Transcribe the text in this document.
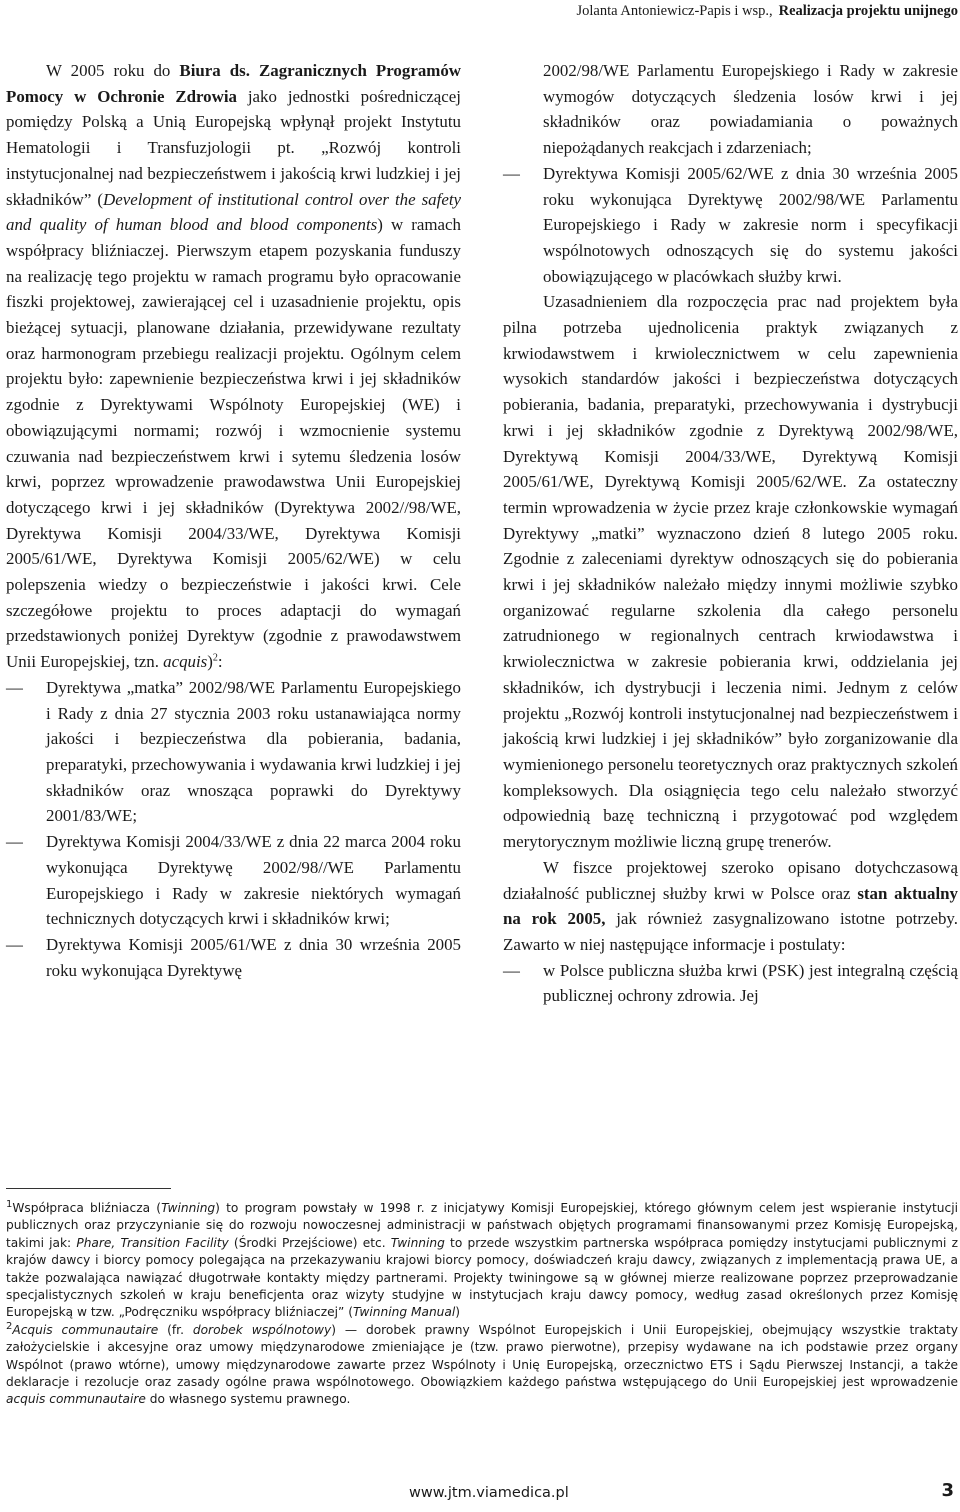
Jolanta Antoniewicz-Papis i wsp., Realizacja projektu unijnego

W 2005 roku do Biura ds. Zagranicznych Programów Pomocy w Ochronie Zdrowia jako jednostki pośredniczącej pomiędzy Polską a Unią Europejską wpłynął projekt Instytutu Hematologii i Transfuzjologii pt. „Rozwój kontroli instytucjonalnej nad bezpieczeństwem i jakością krwi ludzkiej i jej składników” (Development of institutional control over the safety and quality of human blood and blood components) w ramach współpracy bliźniaczej. Pierwszym etapem pozyskania funduszy na realizację tego projektu w ramach programu było opracowanie fiszki projektowej, zawierającej cel i uzasadnienie projektu, opis bieżącej sytuacji, planowane działania, przewidywane rezultaty oraz harmonogram przebiegu realizacji projektu. Ogólnym celem projektu było: zapewnienie bezpieczeństwa krwi i jej składników zgodnie z Dyrektywami Wspólnoty Europejskiej (WE) i obowiązującymi normami; rozwój i wzmocnienie systemu czuwania nad bezpieczeństwem krwi i sytemu śledzenia losów krwi, poprzez wprowadzenie prawodawstwa Unii Europejskiej dotyczącego krwi i jej składników (Dyrektywa 2002//98/WE, Dyrektywa Komisji 2004/33/WE, Dyrektywa Komisji 2005/61/WE, Dyrektywa Komisji 2005/62/WE) w celu polepszenia wiedzy o bezpieczeństwie i jakości krwi. Cele szczegółowe projektu to proces adaptacji do wymagań przedstawionych poniżej Dyrektyw (zgodnie z prawodawstwem Unii Europejskiej, tzn. acquis)$^2$:

— Dyrektywa „matka” 2002/98/WE Parlamentu Europejskiego i Rady z dnia 27 stycznia 2003 roku ustanawiająca normy jakości i bezpieczeństwa dla pobierania, badania, preparatyki, przechowywania i wydawania krwi ludzkiej i jej składników oraz wnosząca poprawki do Dyrektywy 2001/83/WE;
— Dyrektywa Komisji 2004/33/WE z dnia 22 marca 2004 roku wykonująca Dyrektywę 2002/98//WE Parlamentu Europejskiego i Rady w zakresie niektórych wymagań technicznych dotyczących krwi i składników krwi;
— Dyrektywa Komisji 2005/61/WE z dnia 30 września 2005 roku wykonująca Dyrektywę

2002/98/WE Parlamentu Europejskiego i Rady w zakresie wymogów dotyczących śledzenia losów krwi i jej składników oraz powiadamiania o poważnych niepożądanych reakcjach i zdarzeniach;

— Dyrektywa Komisji 2005/62/WE z dnia 30 września 2005 roku wykonująca Dyrektywę 2002/98/WE Parlamentu Europejskiego i Rady w zakresie norm i specyfikacji wspólnotowych odnoszących się do systemu jakości obowiązującego w placówkach służby krwi.

Uzasadnieniem dla rozpoczęcia prac nad projektem była pilna potrzeba ujednolicenia praktyk związanych z krwiodawstwem i krwiolecznictwem w celu zapewnienia wysokich standardów jakości i bezpieczeństwa dotyczących pobierania, badania, preparatyki, przechowywania i dystrybucji krwi i jej składników zgodnie z Dyrektywą 2002/98/WE, Dyrektywą Komisji 2004/33/WE, Dyrektywą Komisji 2005/61/WE, Dyrektywą Komisji 2005/62/WE. Za ostateczny termin wprowadzenia w życie przez kraje członkowskie wymagań Dyrektywy „matki” wyznaczono dzień 8 lutego 2005 roku. Zgodnie z zaleceniami dyrektyw odnoszących się do pobierania krwi i jej składników należało między innymi możliwie szybko organizować regularne szkolenia dla całego personelu zatrudnionego w regionalnych centrach krwiodawstwa i krwiolecznictwa w zakresie pobierania krwi, oddzielania jej składników, ich dystrybucji i leczenia nimi. Jednym z celów projektu „Rozwój kontroli instytucjonalnej nad bezpieczeństwem i jakością krwi ludzkiej i jej składników” było zorganizowanie dla wymienionego personelu teoretycznych oraz praktycznych szkoleń kompleksowych. Dla osiągnięcia tego celu należało stworzyć odpowiednią bazę techniczną i przygotować pod względem merytorycznym możliwie liczną grupę trenerów.

W fiszce projektowej szeroko opisano dotychczasową działalność publicznej służby krwi w Polsce oraz stan aktualny na rok 2005, jak również zasygnalizowano istotne potrzeby. Zawarto w niej następujące informacje i postulaty:

— w Polsce publiczna służba krwi (PSK) jest integralną częścią publicznej ochrony zdrowia. Jej

$^1$Współpraca bliźniacza (Twinning) to program powstały w 1998 r. z inicjatywy Komisji Europejskiej, którego głównym celem jest wspieranie instytucji publicznych oraz przyczynianie się do rozwoju nowoczesnej administracji w państwach objętych programami finansowanymi przez Komisję Europejską, takimi jak: Phare, Transition Facility (Środki Przejściowe) etc. Twinning to przede wszystkim partnerska współpraca pomiędzy instytucjami publicznymi z krajów dawcy i biorcy pomocy polegająca na przekazywaniu krajowi biorcy pomocy, doświadczeń kraju dawcy, związanych z implementacją prawa UE, a także pozwalająca nawiązać długotrwałe kontakty między partnerami. Projekty twiningowe są w głównej mierze realizowane poprzez przeprowadzanie specjalistycznych szkoleń w kraju beneficjenta oraz wizyty studyjne w instytucjach kraju dawcy pomocy, według zasad określonych przez Komisję Europejską w tzw. „Podręczniku współpracy bliźniaczej” (Twinning Manual)

$^2$Acquis communautaire (fr. dorobek wspólnotowy) — dorobek prawny Wspólnot Europejskich i Unii Europejskiej, obejmujący wszystkie traktaty założycielskie i akcesyjne oraz umowy międzynarodowe zmieniające je (tzw. prawo pierwotne), przepisy wydawane na ich podstawie przez organy Wspólnot (prawo wtórne), umowy międzynarodowe zawarte przez Wspólnoty i Unię Europejską, orzecznictwo ETS i Sądu Pierwszej Instancji, a także deklaracje i rezolucje oraz zasady ogólne prawa wspólnotowego. Obowiązkiem każdego państwa wstępującego do Unii Europejskiej jest wprowadzenie acquis communautaire do własnego systemu prawnego.

www.jtm.viamedica.pl	3
